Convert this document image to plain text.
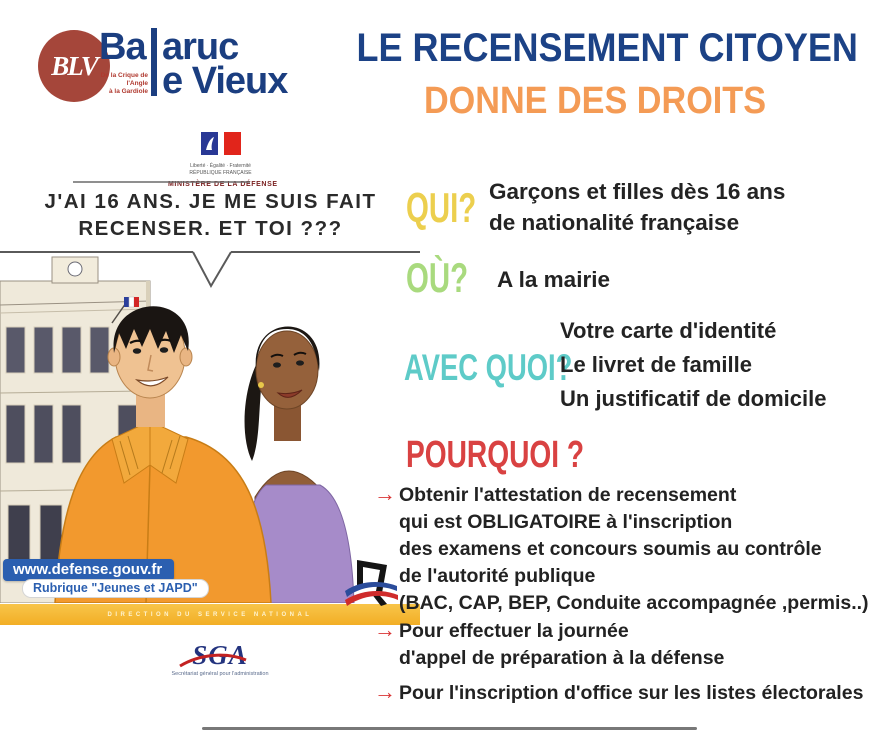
BLV Ba aruc
e Vieux
De la Crique de l'Angle
à la Gardiole
LE RECENSEMENT CITOYEN
DONNE DES DROITS
Liberté · Égalité · Fraternité
RÉPUBLIQUE FRANÇAISE
MINISTÈRE DE LA DÉFENSE
J'AI 16 ANS. JE ME SUIS FAIT
RECENSER. ET TOI ???
www.defense.gouv.fr
Rubrique "Jeunes et JAPD"
DIRECTION DU SERVICE NATIONAL
SGA
Secrétariat général pour l'administration
QUI? Garçons et filles dès 16 ans
de nationalité française
OÙ? A la mairie
AVEC QUOI?
Votre carte d'identité
Le livret de famille
Un justificatif de domicile
POURQUOI ?
→ Obtenir l'attestation de recensement
qui est OBLIGATOIRE à l'inscription
des examens et concours soumis au contrôle
de l'autorité publique
(BAC, CAP, BEP, Conduite accompagnée ,permis..)
→ Pour effectuer la journée
d'appel de préparation à la défense
→ Pour l'inscription d'office sur les listes électorales
